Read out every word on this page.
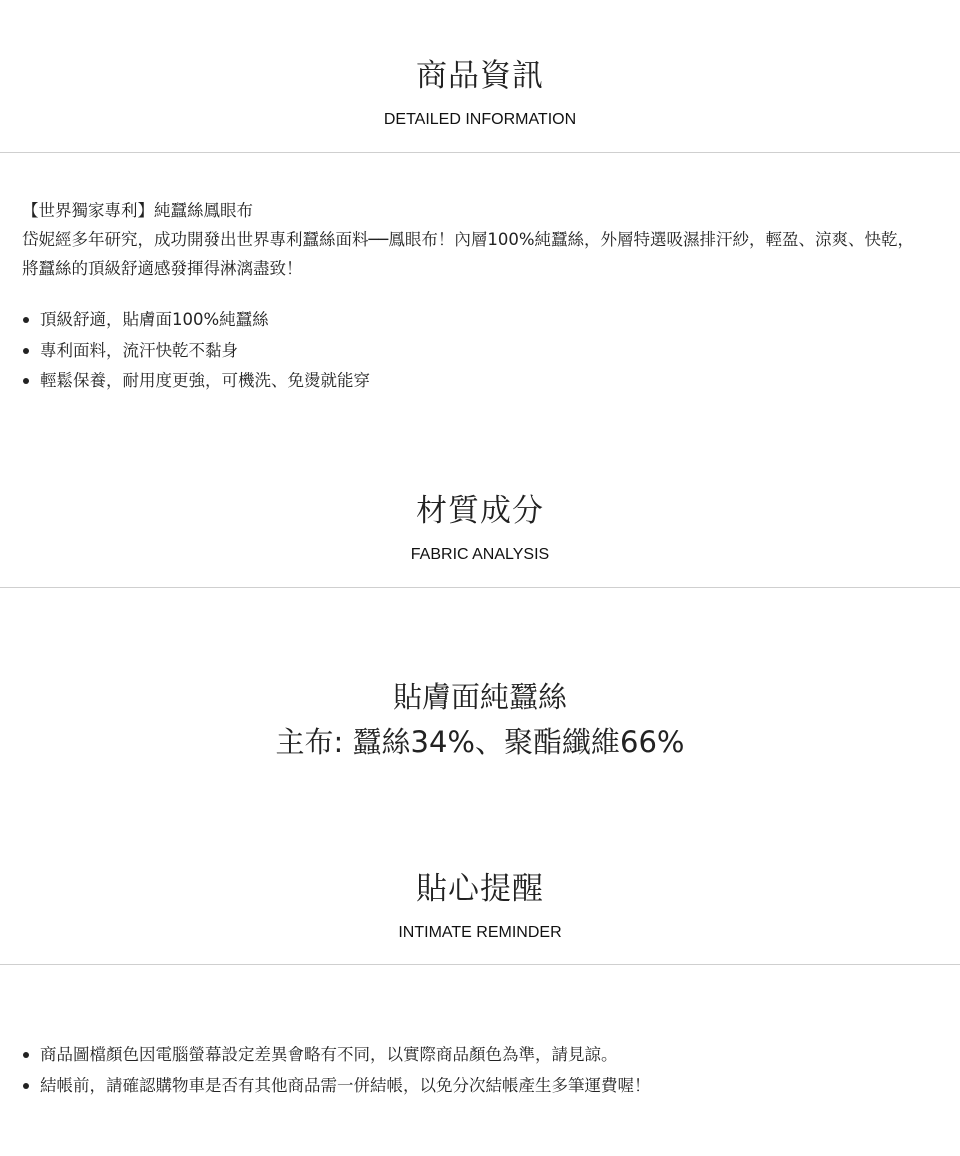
商品資訊
DETAILED INFORMATION

【世界獨家專利】純蠶絲鳳眼布

岱妮經多年研究，成功開發出世界專利蠶絲面料──鳳眼布！內層100%純蠶絲，外層特選吸濕排汗紗，輕盈、涼爽、快乾，將蠶絲的頂級舒適感發揮得淋漓盡致！

頂級舒適，貼膚面100%純蠶絲
專利面料，流汗快乾不黏身
輕鬆保養，耐用度更強，可機洗、免燙就能穿
材質成分
FABRIC ANALYSIS
貼膚面純蠶絲
主布: 蠶絲34%、聚酯纖維66%
貼心提醒
INTIMATE REMINDER
商品圖檔顏色因電腦螢幕設定差異會略有不同，以實際商品顏色為準，請見諒。
結帳前，請確認購物車是否有其他商品需一併結帳，以免分次結帳產生多筆運費喔！
